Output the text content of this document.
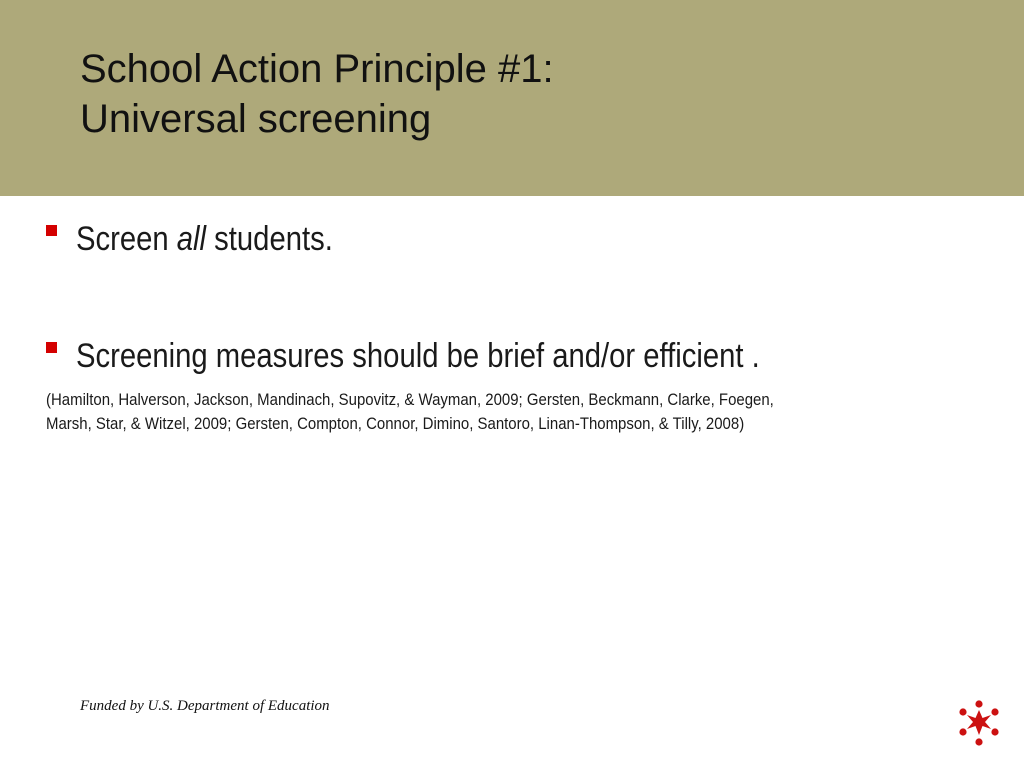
School Action Principle #1:
Universal screening
Screen all students.
Screening measures should be brief and/or efficient .
(Hamilton, Halverson, Jackson, Mandinach, Supovitz, & Wayman, 2009; Gersten, Beckmann, Clarke, Foegen,
Marsh, Star, & Witzel, 2009; Gersten, Compton, Connor, Dimino, Santoro, Linan-Thompson, & Tilly, 2008)
Funded by U.S. Department of Education
